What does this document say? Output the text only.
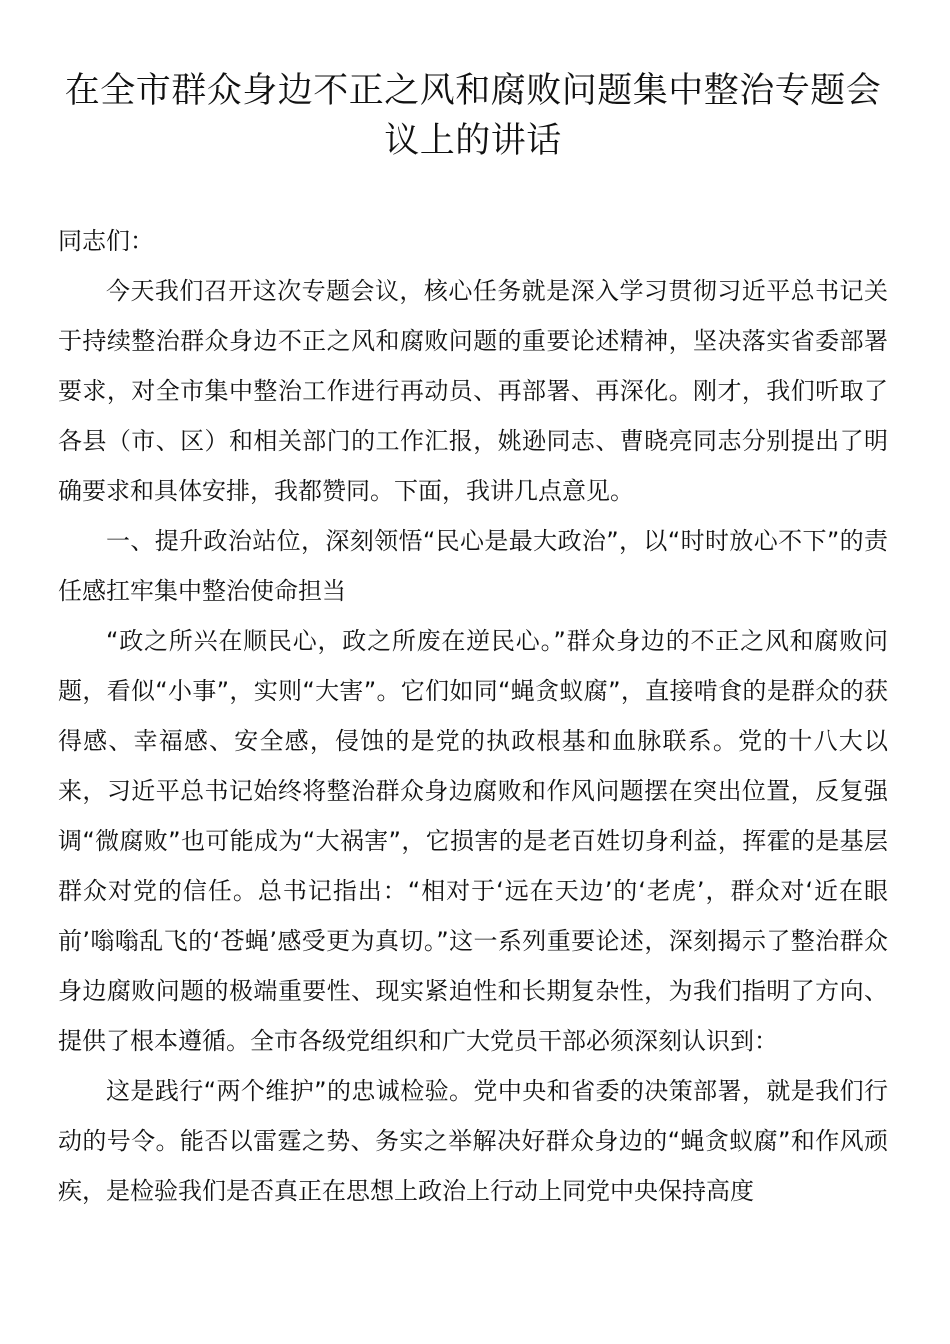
在全市群众身边不正之风和腐败问题集中整治专题会议上的讲话

同志们：

今天我们召开这次专题会议，核心任务就是深入学习贯彻习近平总书记关于持续整治群众身边不正之风和腐败问题的重要论述精神，坚决落实省委部署要求，对全市集中整治工作进行再动员、再部署、再深化。刚才，我们听取了各县（市、区）和相关部门的工作汇报，姚逊同志、曹晓亮同志分别提出了明确要求和具体安排，我都赞同。下面，我讲几点意见。

一、提升政治站位，深刻领悟“民心是最大政治”，以“时时放心不下”的责任感扛牢集中整治使命担当

“政之所兴在顺民心，政之所废在逆民心。”群众身边的不正之风和腐败问题，看似“小事”，实则“大害”。它们如同“蝇贪蚁腐”，直接啃食的是群众的获得感、幸福感、安全感，侵蚀的是党的执政根基和血脉联系。党的十八大以来，习近平总书记始终将整治群众身边腐败和作风问题摆在突出位置，反复强调“微腐败”也可能成为“大祸害”，它损害的是老百姓切身利益，挥霍的是基层群众对党的信任。总书记指出：“相对于‘远在天边’的‘老虎’，群众对‘近在眼前’嗡嗡乱飞的‘苍蝇’感受更为真切。”这一系列重要论述，深刻揭示了整治群众身边腐败问题的极端重要性、现实紧迫性和长期复杂性，为我们指明了方向、提供了根本遵循。全市各级党组织和广大党员干部必须深刻认识到：

这是践行“两个维护”的忠诚检验。党中央和省委的决策部署，就是我们行动的号令。能否以雷霆之势、务实之举解决好群众身边的“蝇贪蚁腐”和作风顽疾，是检验我们是否真正在思想上政治上行动上同党中央保持高度
